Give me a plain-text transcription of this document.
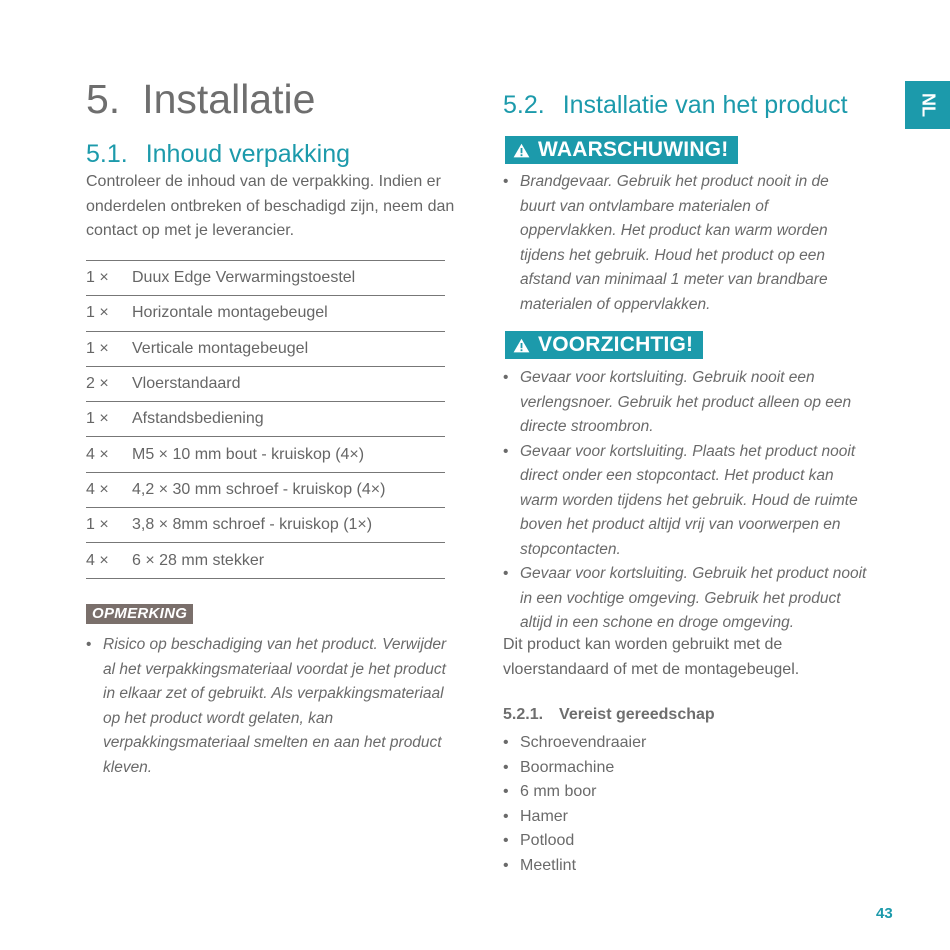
NL
5. Installatie
5.1. Inhoud verpakking
Controleer de inhoud van de verpakking. Indien er onderdelen ontbreken of beschadigd zijn, neem dan contact op met je leverancier.
1 ×	Duux Edge Verwarmingstoestel
1 ×	Horizontale montagebeugel
1 ×	Verticale montagebeugel
2 ×	Vloerstandaard
1 ×	Afstandsbediening
4 ×	M5 × 10 mm bout - kruiskop (4×)
4 ×	4,2 × 30 mm schroef - kruiskop (4×)
1 ×	3,8 × 8mm schroef - kruiskop (1×)
4 ×	6 × 28 mm stekker
OPMERKING
• Risico op beschadiging van het product. Verwijder al het verpakkingsmateriaal voordat je het product in elkaar zet of gebruikt. Als verpakkingsmateriaal op het product wordt gelaten, kan verpakkingsmateriaal smelten en aan het product kleven.
5.2. Installatie van het product
WAARSCHUWING!
• Brandgevaar. Gebruik het product nooit in de buurt van ontvlambare materialen of oppervlakken. Het product kan warm worden tijdens het gebruik. Houd het product op een afstand van minimaal 1 meter van brandbare materialen of oppervlakken.
VOORZICHTIG!
• Gevaar voor kortsluiting. Gebruik nooit een verlengsnoer. Gebruik het product alleen op een directe stroombron.
• Gevaar voor kortsluiting. Plaats het product nooit direct onder een stopcontact. Het product kan warm worden tijdens het gebruik. Houd de ruimte boven het product altijd vrij van voorwerpen en stopcontacten.
• Gevaar voor kortsluiting. Gebruik het product nooit in een vochtige omgeving. Gebruik het product altijd in een schone en droge omgeving.
Dit product kan worden gebruikt met de vloerstandaard of met de montagebeugel.
5.2.1. Vereist gereedschap
• Schroevendraaier
• Boormachine
• 6 mm boor
• Hamer
• Potlood
• Meetlint
43
